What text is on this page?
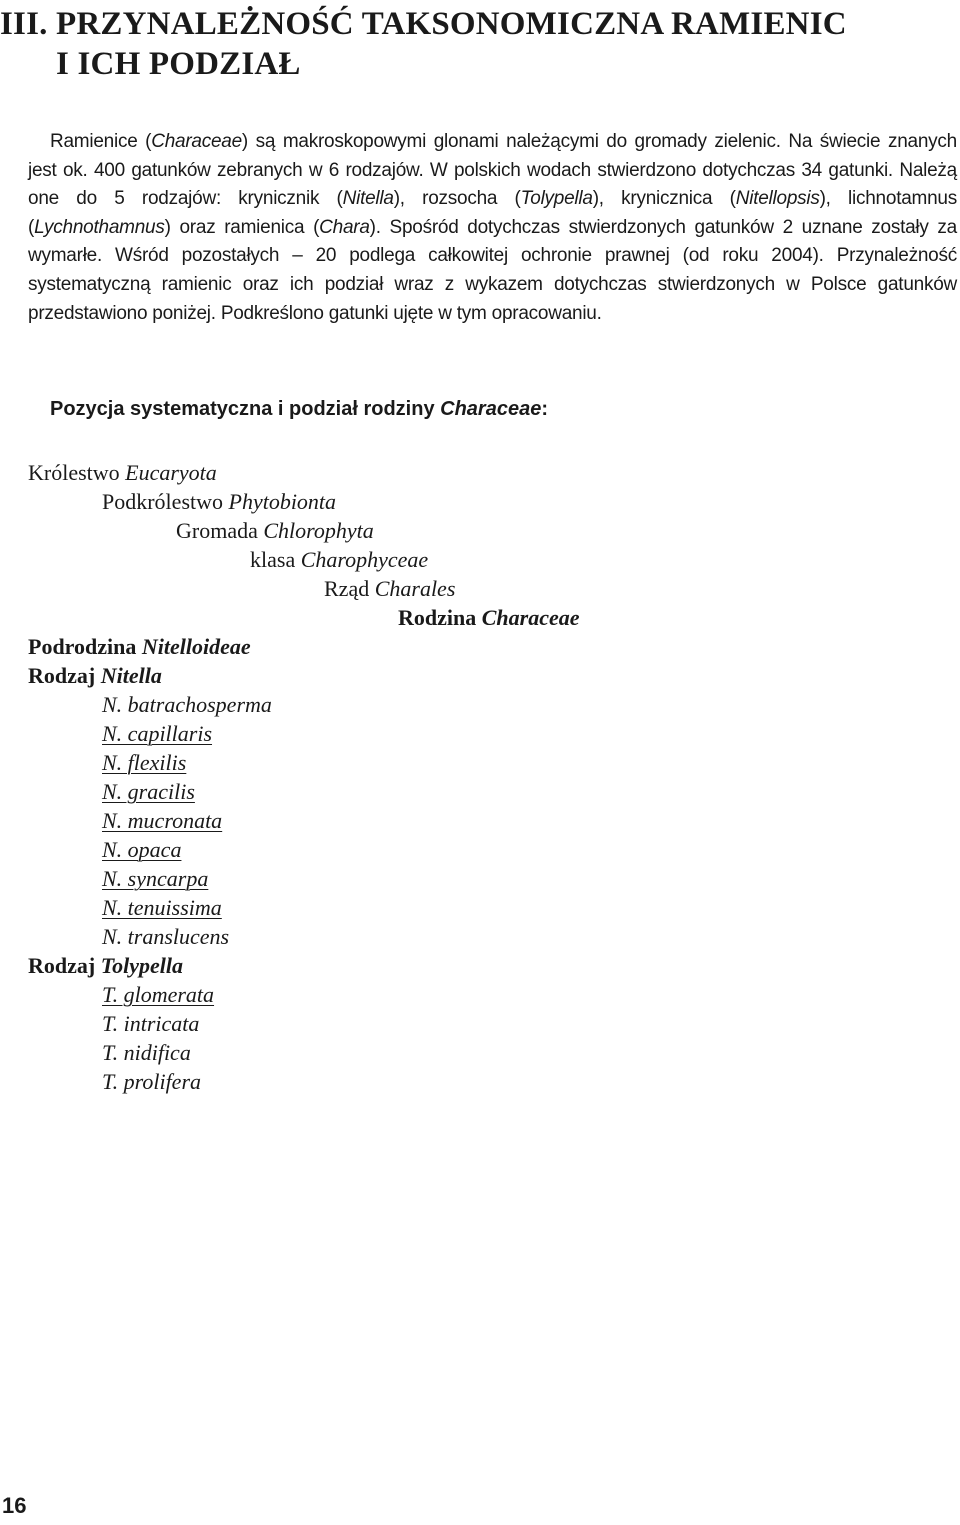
III. PRZYNALEŻNOŚĆ TAKSONOMICZNA RAMIENIC
I ICH PODZIAŁ

Ramienice (Characeae) są makroskopowymi glonami należącymi do gromady zielenic. Na świecie znanych jest ok. 400 gatunków zebranych w 6 rodzajów. W polskich wodach stwierdzono dotychczas 34 gatunki. Należą one do 5 rodzajów: krynicznik (Nitella), rozsocha (Tolypella), krynicznica (Nitellopsis), lichnotamnus (Lychnothamnus) oraz ramienica (Chara). Spośród dotychczas stwierdzonych gatunków 2 uznane zostały za wymarłe. Wśród pozostałych – 20 podlega całkowitej ochronie prawnej (od roku 2004). Przynależność systematyczną ramienic oraz ich podział wraz z wykazem dotychczas stwierdzonych w Polsce gatunków przedstawiono poniżej. Podkreślono gatunki ujęte w tym opracowaniu.

Pozycja systematyczna i podział rodziny Characeae:
Królestwo Eucaryota
Podkrólestwo Phytobionta
Gromada Chlorophyta
klasa Charophyceae
Rząd Charales
Rodzina Characeae
Podrodzina Nitelloideae
Rodzaj Nitella
N. batrachosperma
N. capillaris
N. flexilis
N. gracilis
N. mucronata
N. opaca
N. syncarpa
N. tenuissima
N. translucens
Rodzaj Tolypella
T. glomerata
T. intricata
T. nidifica
T. prolifera
16
